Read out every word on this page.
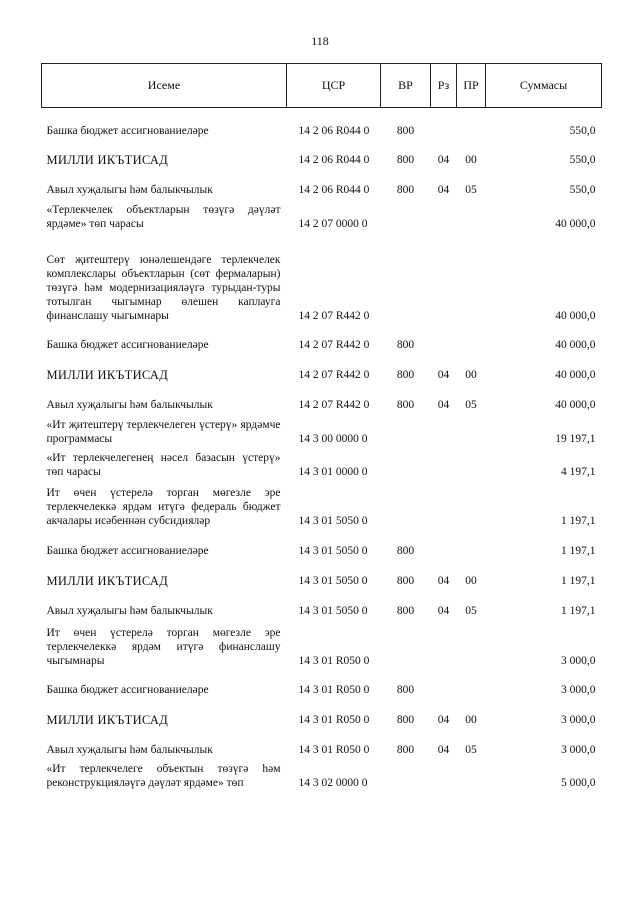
118
Исеме	ЦСР	ВР	Рз	ПР	Суммасы
Башка бюджет ассигнованиеләре	14 2 06 R044 0	800			550,0
МИЛЛИ ИКЪТИСАД	14 2 06 R044 0	800	04	00	550,0
Авыл хуҗалыгы һәм балыкчылык	14 2 06 R044 0	800	04	05	550,0
«Терлекчелек объектларын төзүгә дәүләт ярдәме» төп чарасы	14 2 07 0000 0				40 000,0
Сөт җитештерү юнәлешендәге терлекчелек комплекслары объектларын (сөт фермаларын) төзүгә һәм модернизацияләүгә турыдан-туры тотылган чыгымнар өлешен каплауга финанслашу чыгымнары	14 2 07 R442 0				40 000,0
Башка бюджет ассигнованиеләре	14 2 07 R442 0	800			40 000,0
МИЛЛИ ИКЪТИСАД	14 2 07 R442 0	800	04	00	40 000,0
Авыл хуҗалыгы һәм балыкчылык	14 2 07 R442 0	800	04	05	40 000,0
«Ит җитештерү терлекчелеген үстерү» ярдәмче программасы	14 3 00 0000 0				19 197,1
«Ит терлекчелегенең нәсел базасын үстерү» төп чарасы	14 3 01 0000 0				4 197,1
Ит өчен үстерелә торган мөгезле эре терлекчелеккә ярдәм итүгә федераль бюджет акчалары исәбеннән субсидияләр	14 3 01 5050 0				1 197,1
Башка бюджет ассигнованиеләре	14 3 01 5050 0	800			1 197,1
МИЛЛИ ИКЪТИСАД	14 3 01 5050 0	800	04	00	1 197,1
Авыл хуҗалыгы һәм балыкчылык	14 3 01 5050 0	800	04	05	1 197,1
Ит өчен үстерелә торган мөгезле эре терлекчелеккә ярдәм итүгә финанслашу чыгымнары	14 3 01 R050 0				3 000,0
Башка бюджет ассигнованиеләре	14 3 01 R050 0	800			3 000,0
МИЛЛИ ИКЪТИСАД	14 3 01 R050 0	800	04	00	3 000,0
Авыл хуҗалыгы һәм балыкчылык	14 3 01 R050 0	800	04	05	3 000,0
«Ит терлекчелеге объектын төзүгә һәм реконструкцияләүгә дәүләт ярдәме» төп	14 3 02 0000 0				5 000,0
